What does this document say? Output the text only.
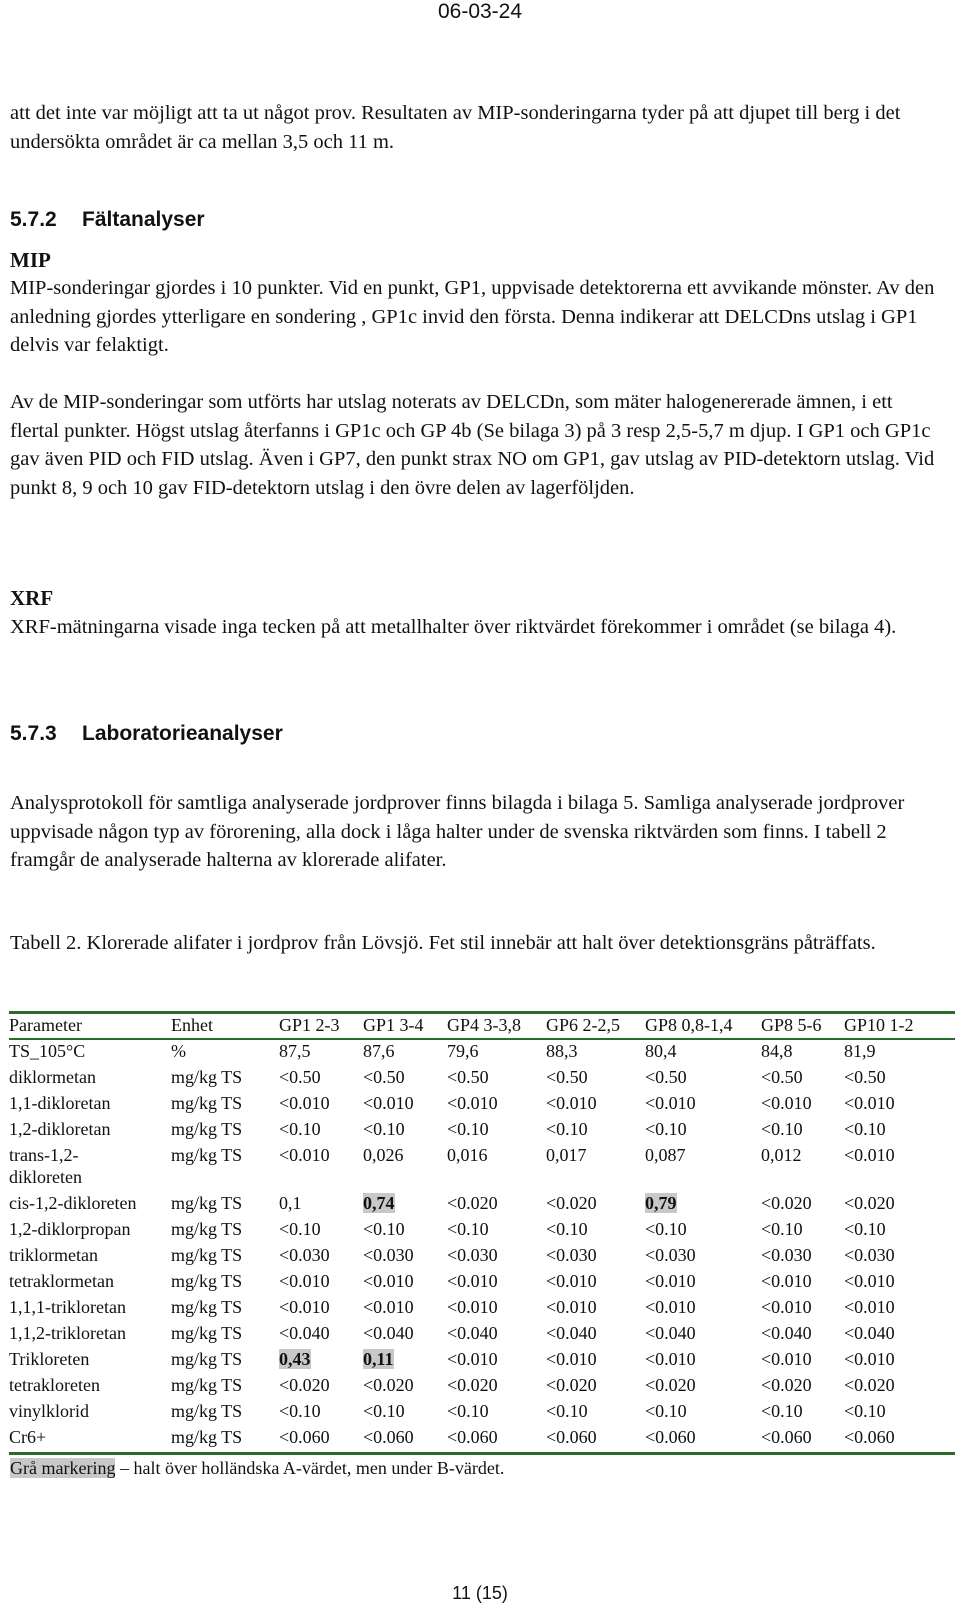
06-03-24

att det inte var möjligt att ta ut något prov. Resultaten av MIP-sonderingarna tyder på att djupet till berg i det undersökta området är ca mellan 3,5 och 11 m.

5.7.2 Fältanalyser
MIP

MIP-sonderingar gjordes i 10 punkter. Vid en punkt, GP1, uppvisade detektorerna ett avvikande mönster. Av den anledning gjordes ytterligare en sondering , GP1c invid den första. Denna indikerar att DELCDns utslag i GP1 delvis var felaktigt.

Av de MIP-sonderingar som utförts har utslag noterats av DELCDn, som mäter halogenererade ämnen, i ett flertal punkter. Högst utslag återfanns i GP1c och GP 4b (Se bilaga 3) på 3 resp 2,5-5,7 m djup. I GP1 och GP1c gav även PID och FID utslag. Även i GP7, den punkt strax NO om GP1, gav utslag av PID-detektorn utslag. Vid punkt 8, 9 och 10 gav FID-detektorn utslag i den övre delen av lagerföljden.

XRF

XRF-mätningarna visade inga tecken på att metallhalter över riktvärdet förekommer i området (se bilaga 4).

5.7.3 Laboratorieanalyser

Analysprotokoll för samtliga analyserade jordprover finns bilagda i bilaga 5. Samliga analyserade jordprover uppvisade någon typ av förorening, alla dock i låga halter under de svenska riktvärden som finns. I tabell 2 framgår de analyserade halterna av klorerade alifater.

Tabell 2. Klorerade alifater i jordprov från Lövsjö. Fet stil innebär att halt över detektionsgräns påträffats.

Parameter	Enhet	GP1 2-3	GP1 3-4	GP4 3-3,8	GP6 2-2,5	GP8 0,8-1,4	GP8 5-6	GP10 1-2
TS_105°C	%	87,5	87,6	79,6	88,3	80,4	84,8	81,9
diklormetan	mg/kg TS	<0.50	<0.50	<0.50	<0.50	<0.50	<0.50	<0.50
1,1-dikloretan	mg/kg TS	<0.010	<0.010	<0.010	<0.010	<0.010	<0.010	<0.010
1,2-dikloretan	mg/kg TS	<0.10	<0.10	<0.10	<0.10	<0.10	<0.10	<0.10
trans-1,2-dikloreten	mg/kg TS	<0.010	0,026	0,016	0,017	0,087	0,012	<0.010
cis-1,2-dikloreten	mg/kg TS	0,1	0,74	<0.020	<0.020	0,79	<0.020	<0.020
1,2-diklorpropan	mg/kg TS	<0.10	<0.10	<0.10	<0.10	<0.10	<0.10	<0.10
triklormetan	mg/kg TS	<0.030	<0.030	<0.030	<0.030	<0.030	<0.030	<0.030
tetraklormetan	mg/kg TS	<0.010	<0.010	<0.010	<0.010	<0.010	<0.010	<0.010
1,1,1-trikloretan	mg/kg TS	<0.010	<0.010	<0.010	<0.010	<0.010	<0.010	<0.010
1,1,2-trikloretan	mg/kg TS	<0.040	<0.040	<0.040	<0.040	<0.040	<0.040	<0.040
Trikloreten	mg/kg TS	0,43	0,11	<0.010	<0.010	<0.010	<0.010	<0.010
tetrakloreten	mg/kg TS	<0.020	<0.020	<0.020	<0.020	<0.020	<0.020	<0.020
vinylklorid	mg/kg TS	<0.10	<0.10	<0.10	<0.10	<0.10	<0.10	<0.10
Cr6+	mg/kg TS	<0.060	<0.060	<0.060	<0.060	<0.060	<0.060	<0.060
Grå markering – halt över holländska A-värdet, men under B-värdet.
11 (15)
